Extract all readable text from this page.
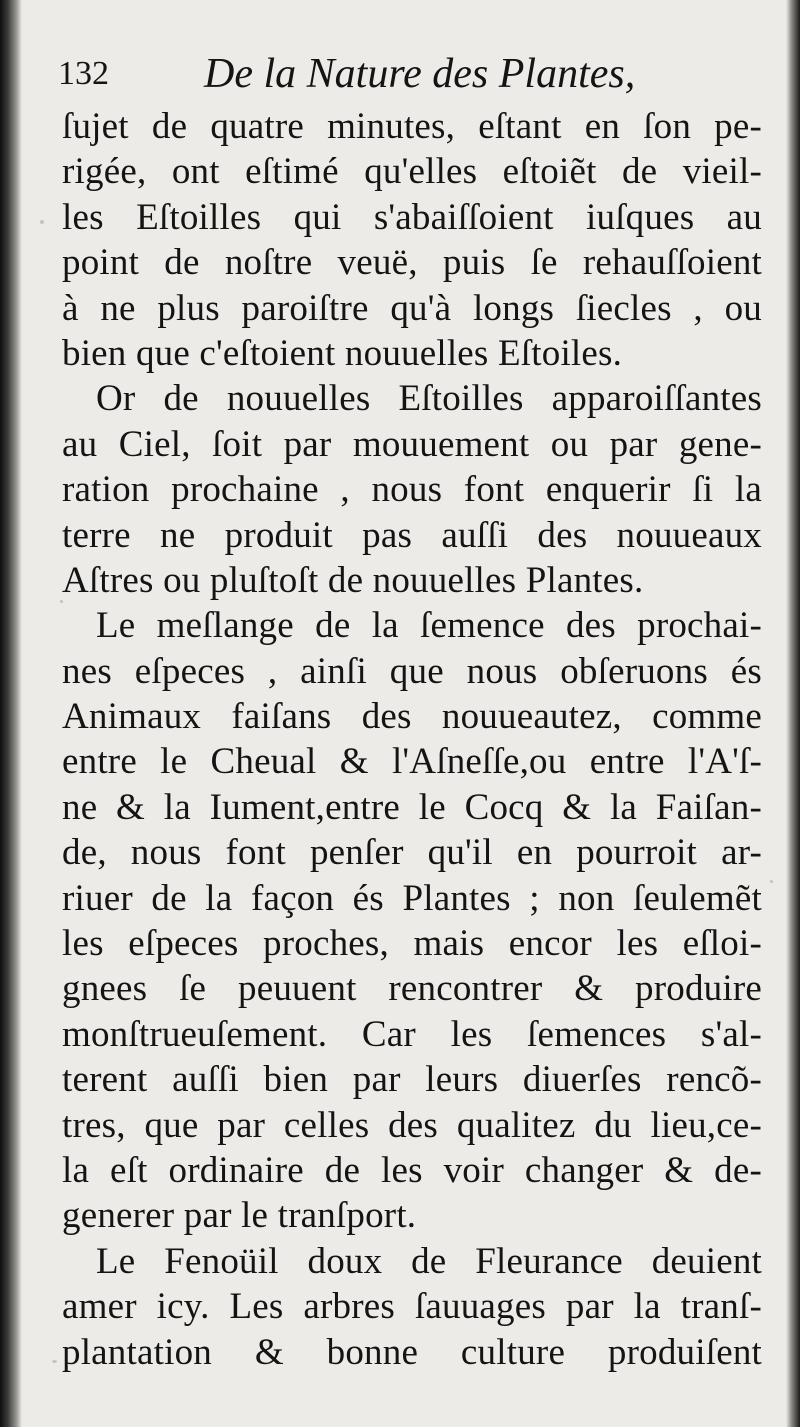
132 De la Nature des Plantes,
ſujet de quatre minutes, eſtant en ſon pe-
rigée, ont eſtimé qu'elles eſtoiẽt de vieil-
les Eſtoilles qui s'abaiſſoient iuſques au
point de noſtre veuë, puis ſe rehauſſoient
à ne plus paroiſtre qu'à longs ſiecles , ou
bien que c'eſtoient nouuelles Eſtoiles.
Or de nouuelles Eſtoilles apparoiſſantes
au Ciel, ſoit par mouuement ou par gene-
ration prochaine , nous font enquerir ſi la
terre ne produit pas auſſi des nouueaux
Aſtres ou pluſtoſt de nouuelles Plantes.
Le meſlange de la ſemence des prochai-
nes eſpeces , ainſi que nous obſeruons és
Animaux faiſans des nouueautez, comme
entre le Cheual & l'Aſneſſe,ou entre l'A'ſ-
ne & la Iument,entre le Cocq & la Faiſan-
de, nous font penſer qu'il en pourroit ar-
riuer de la façon és Plantes ; non ſeulemẽt
les eſpeces proches, mais encor les eſloi-
gnees ſe peuuent rencontrer & produire
monſtrueuſement. Car les ſemences s'al-
terent auſſi bien par leurs diuerſes rencõ-
tres, que par celles des qualitez du lieu,ce-
la eſt ordinaire de les voir changer & de-
generer par le tranſport.
Le Fenoüil doux de Fleurance deuient
amer icy. Les arbres ſauuages par la tranſ-
plantation & bonne culture produiſent
